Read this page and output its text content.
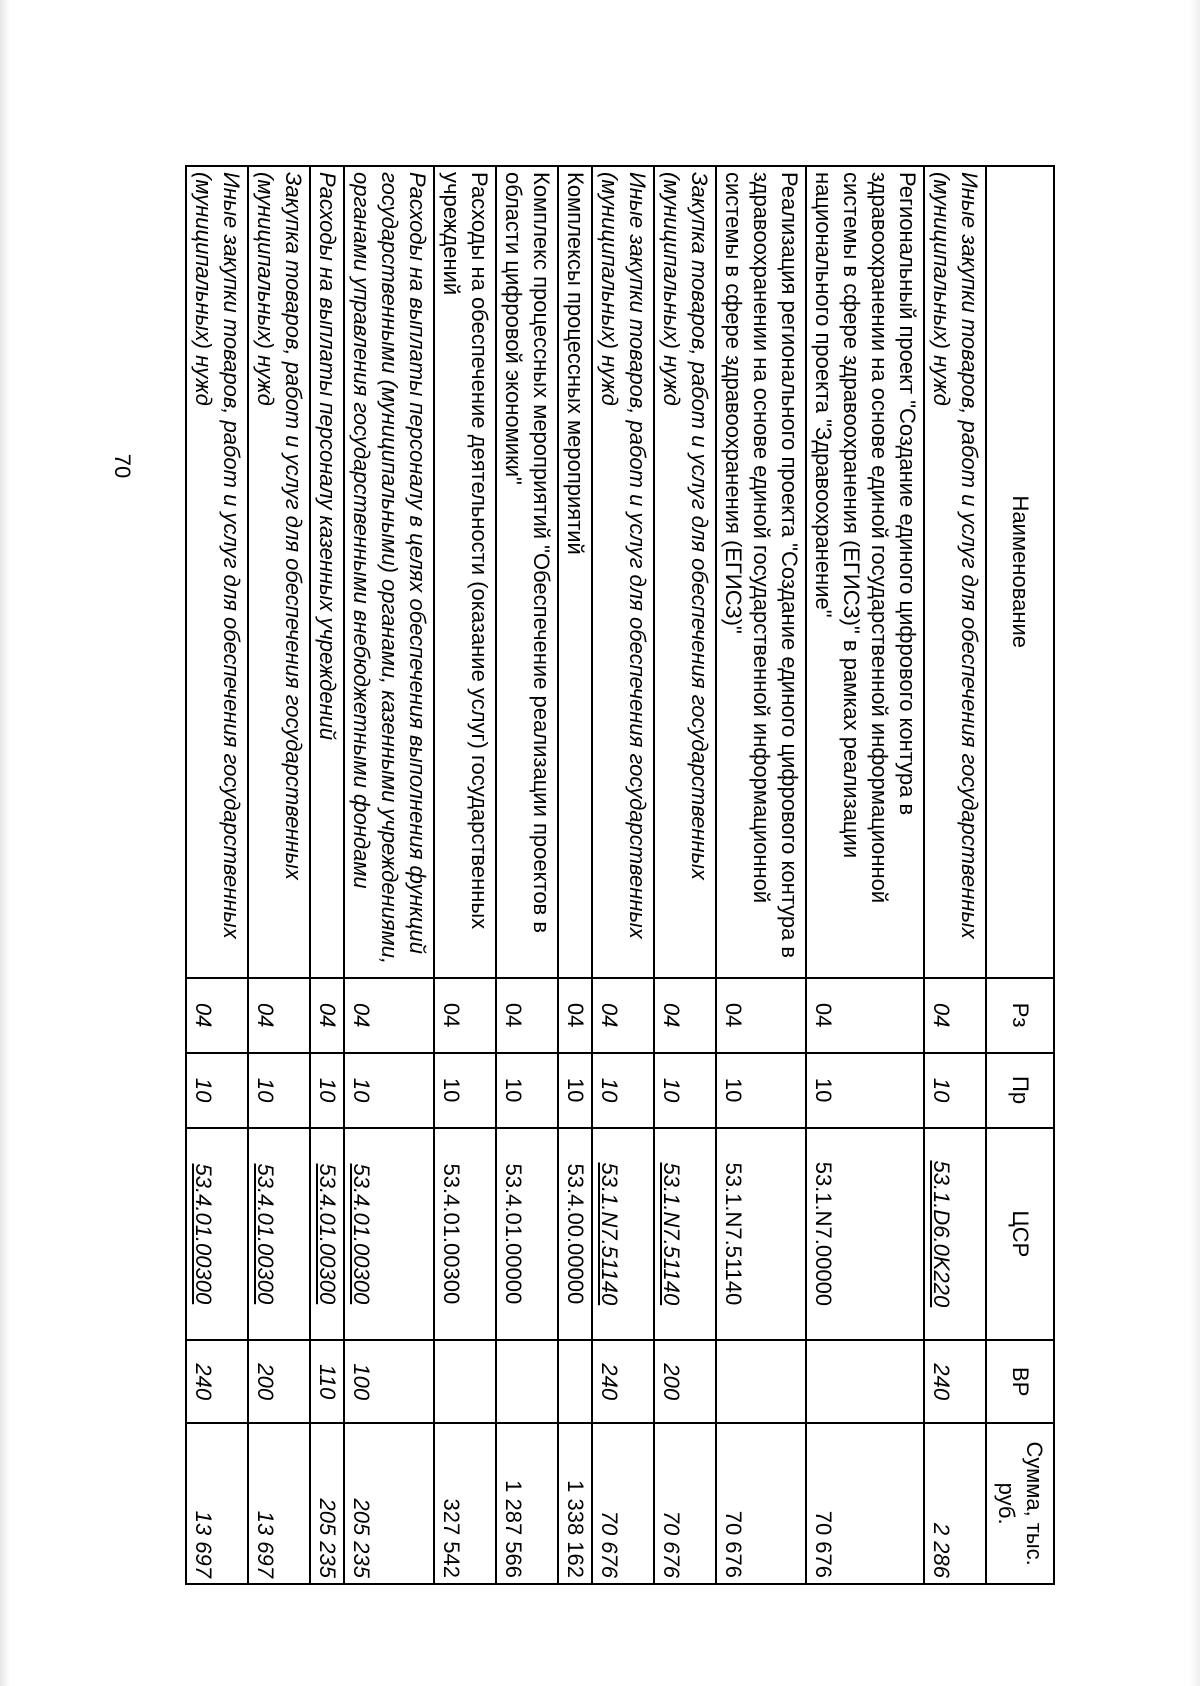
70
Наименование	Рз	Пр	ЦСР	ВР	Сумма, тыс. руб.
Иные закупки товаров, работ и услуг для обеспечения государственных (муниципальных) нужд	04	10	53.1.D6.0K220	240	2 286
Региональный проект "Создание единого цифрового контура в здравоохранении на основе единой государственной информационной системы в сфере здравоохранения (ЕГИСЗ)" в рамках реализации национального проекта "Здравоохранение"	04	10	53.1.N7.00000		70 676
Реализация регионального проекта "Создание единого цифрового контура в здравоохранении на основе единой государственной информационной системы в сфере здравоохранения (ЕГИСЗ)"	04	10	53.1.N7.51140		70 676
Закупка товаров, работ и услуг для обеспечения государственных (муниципальных) нужд	04	10	53.1.N7.51140	200	70 676
Иные закупки товаров, работ и услуг для обеспечения государственных (муниципальных) нужд	04	10	53.1.N7.51140	240	70 676
Комплексы процессных мероприятий	04	10	53.4.00.00000		1 338 162
Комплекс процессных мероприятий "Обеспечение реализации проектов в области цифровой экономики"	04	10	53.4.01.00000		1 287 566
Расходы на обеспечение деятельности (оказание услуг) государственных учреждений	04	10	53.4.01.00300		327 542
Расходы на выплаты персоналу в целях обеспечения выполнения функций государственными (муниципальными) органами, казенными учреждениями, органами управления государственными внебюджетными фондами	04	10	53.4.01.00300	100	205 235
Расходы на выплаты персоналу казенных учреждений	04	10	53.4.01.00300	110	205 235
Закупка товаров, работ и услуг для обеспечения государственных (муниципальных) нужд	04	10	53.4.01.00300	200	13 697
Иные закупки товаров, работ и услуг для обеспечения государственных (муниципальных) нужд	04	10	53.4.01.00300	240	13 697
